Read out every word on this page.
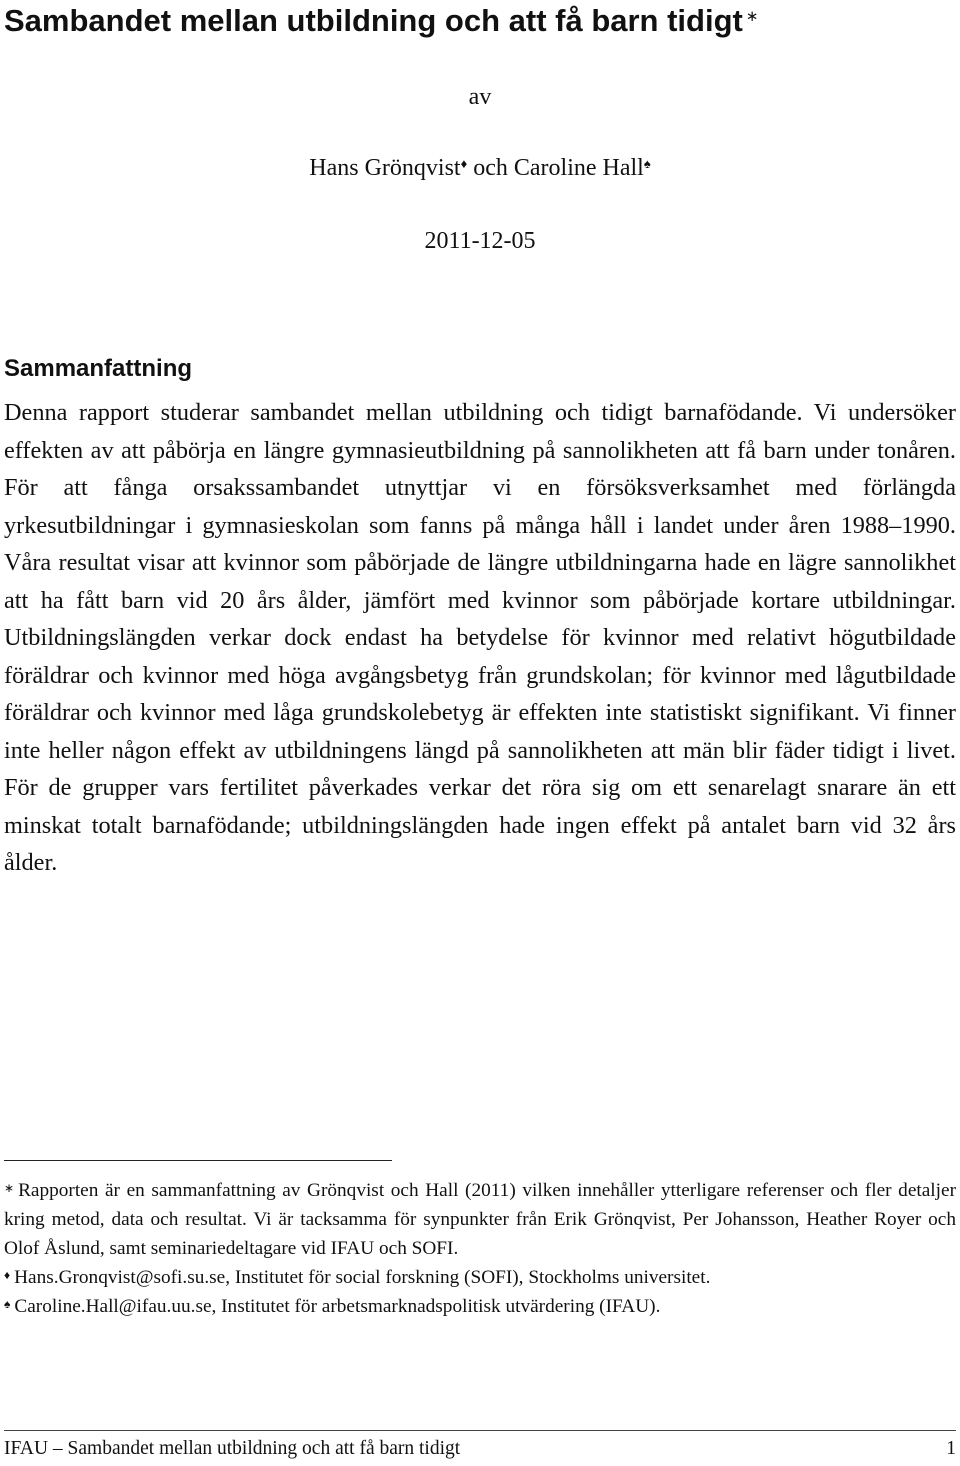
Sambandet mellan utbildning och att få barn tidigt ∗
av
Hans Grönqvist♦ och Caroline Hall♠
2011-12-05
Sammanfattning

Denna rapport studerar sambandet mellan utbildning och tidigt barnafödande. Vi undersöker effekten av att påbörja en längre gymnasieutbildning på sannolikheten att få barn under tonåren. För att fånga orsakssambandet utnyttjar vi en försöksverksamhet med förlängda yrkesutbildningar i gymnasieskolan som fanns på många håll i landet under åren 1988–1990. Våra resultat visar att kvinnor som påbörjade de längre utbildningarna hade en lägre sannolikhet att ha fått barn vid 20 års ålder, jämfört med kvinnor som påbörjade kortare utbildningar. Utbildningslängden verkar dock endast ha betydelse för kvinnor med relativt högutbildade föräldrar och kvinnor med höga avgångsbetyg från grundskolan; för kvinnor med lågutbildade föräldrar och kvinnor med låga grundskolebetyg är effekten inte statistiskt signifikant. Vi finner inte heller någon effekt av utbildningens längd på sannolikheten att män blir fäder tidigt i livet. För de grupper vars fertilitet påverkades verkar det röra sig om ett senarelagt snarare än ett minskat totalt barnafödande; utbildningslängden hade ingen effekt på antalet barn vid 32 års ålder.

∗ Rapporten är en sammanfattning av Grönqvist och Hall (2011) vilken innehåller ytterligare referenser och fler detaljer kring metod, data och resultat. Vi är tacksamma för synpunkter från Erik Grönqvist, Per Johansson, Heather Royer och Olof Åslund, samt seminariedeltagare vid IFAU och SOFI.

♦ Hans.Gronqvist@sofi.su.se, Institutet för social forskning (SOFI), Stockholms universitet.

♠ Caroline.Hall@ifau.uu.se, Institutet för arbetsmarknadspolitisk utvärdering (IFAU).

IFAU – Sambandet mellan utbildning och att få barn tidigt	1
